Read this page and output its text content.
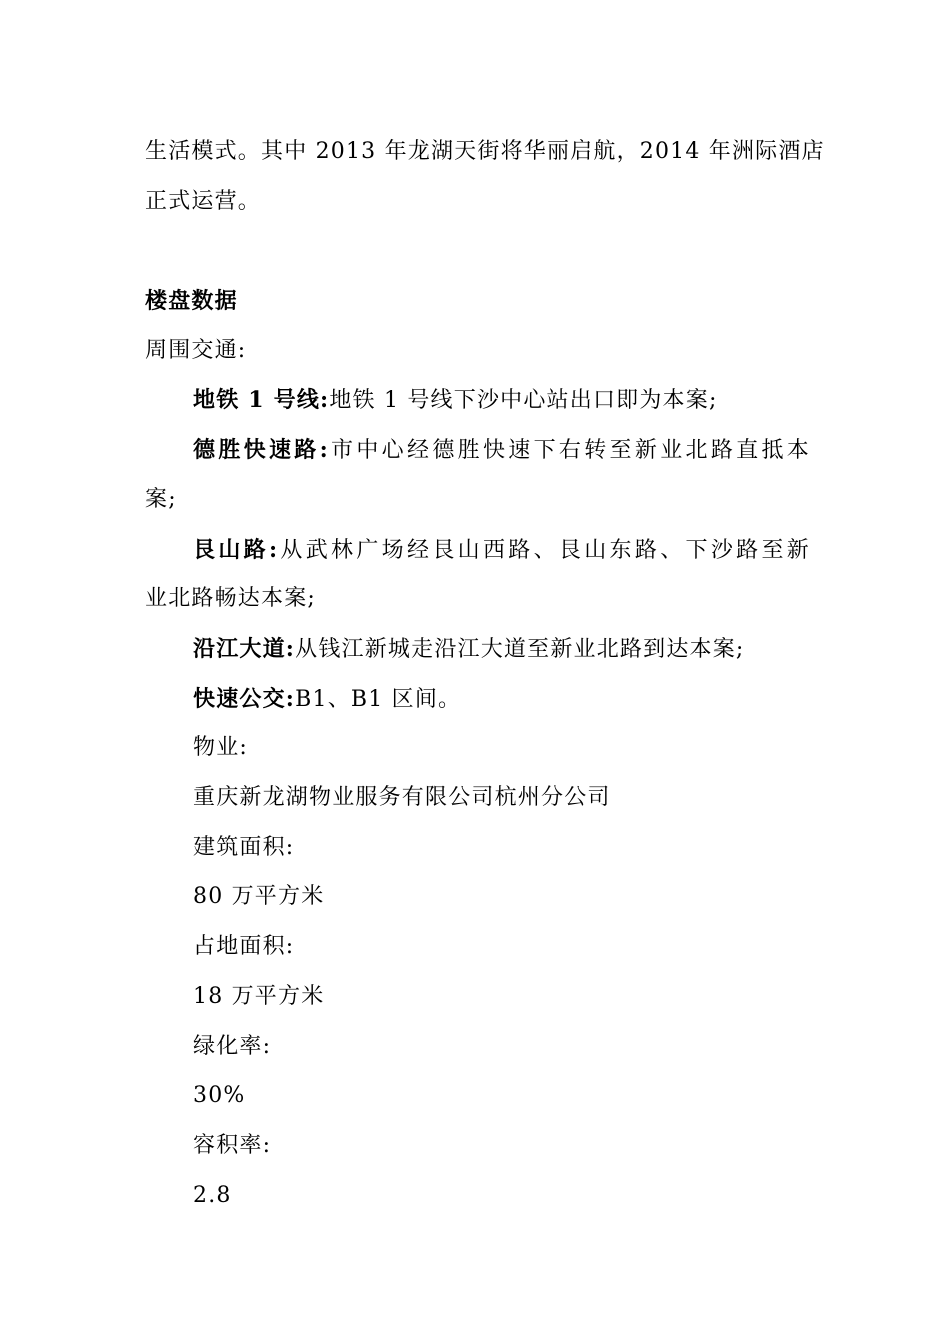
生活模式。其中 2013 年龙湖天街将华丽启航，2014 年洲际酒店
正式运营。
楼盘数据
周围交通:
地铁 1 号线:地铁 1 号线下沙中心站出口即为本案;
德胜快速路:市中心经德胜快速下右转至新业北路直抵本
案;
艮山路:从武林广场经艮山西路、艮山东路、下沙路至新
业北路畅达本案;
沿江大道:从钱江新城走沿江大道至新业北路到达本案;
快速公交:B1、B1 区间。
物业:
重庆新龙湖物业服务有限公司杭州分公司
建筑面积:
80 万平方米
占地面积:
18 万平方米
绿化率:
30%
容积率:
2.8
